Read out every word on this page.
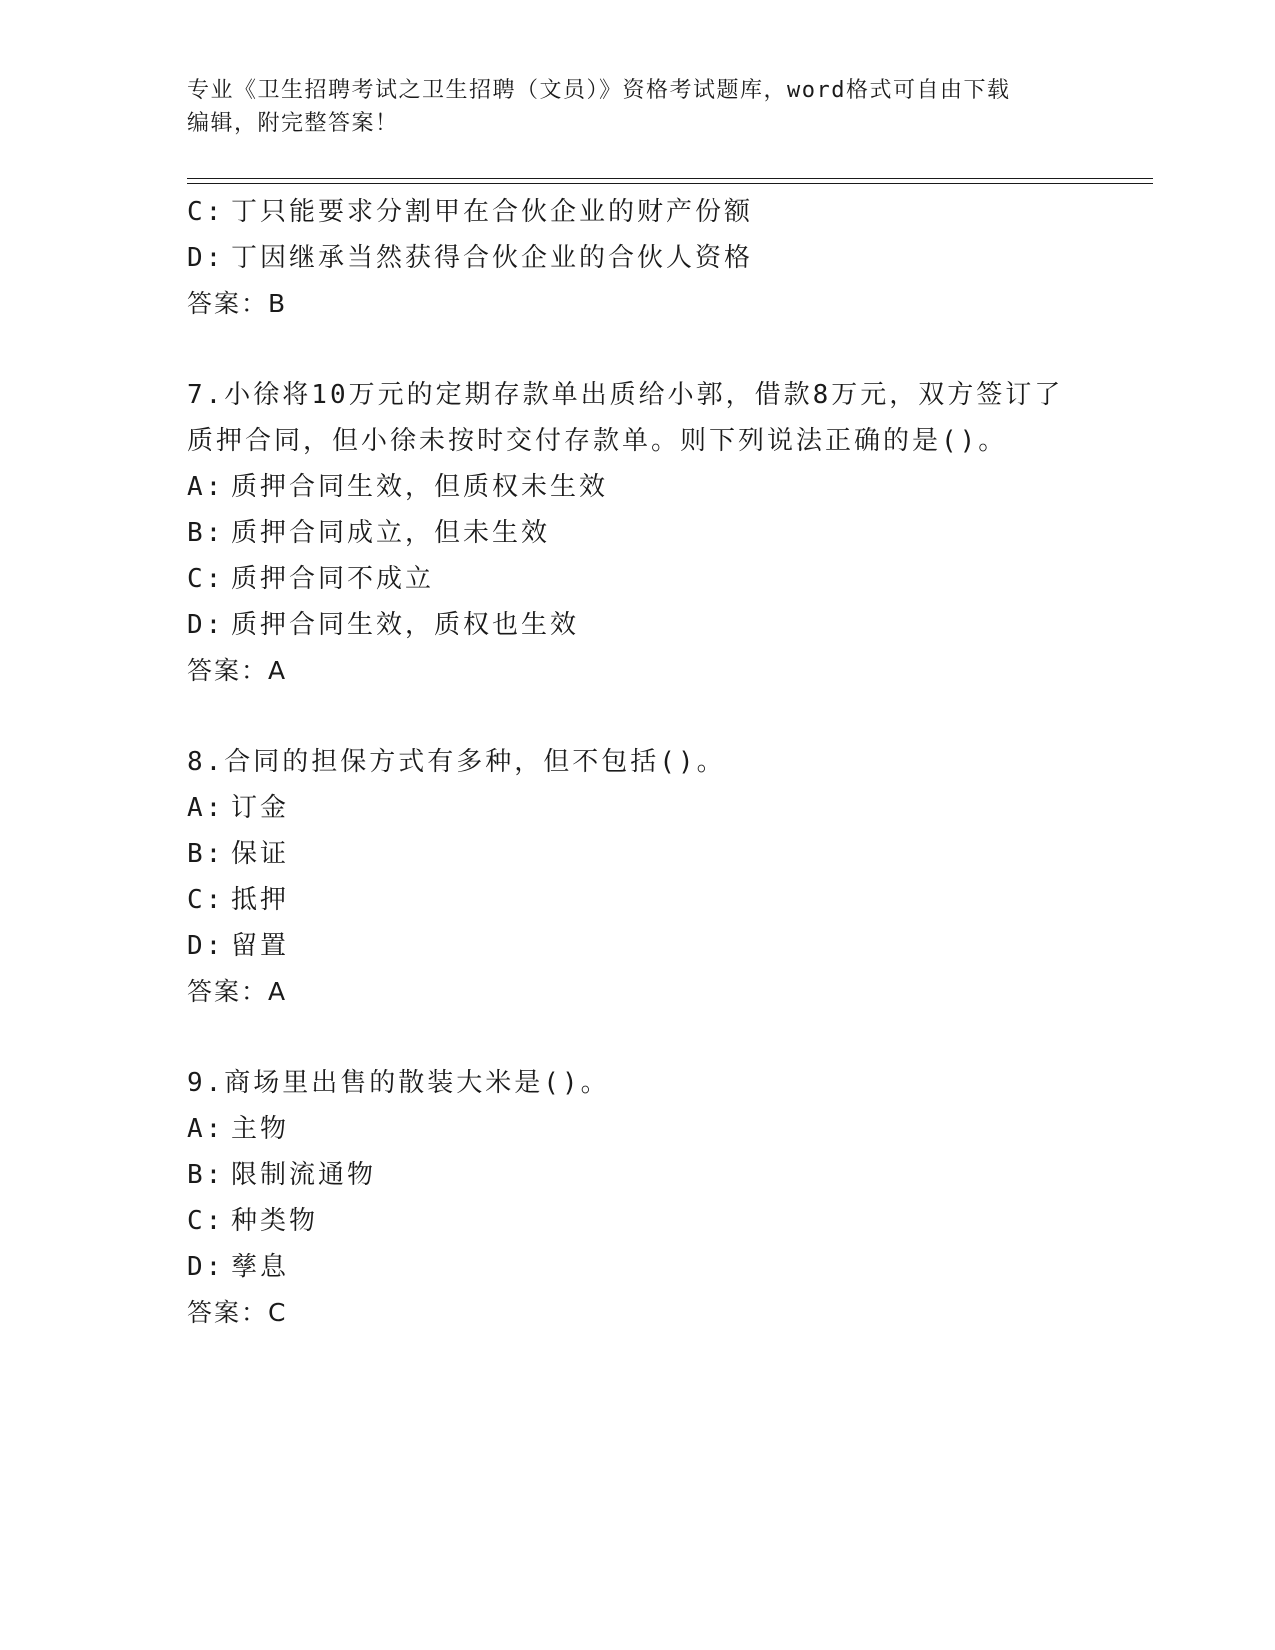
专业《卫生招聘考试之卫生招聘（文员）》资格考试题库，word格式可自由下载
编辑，附完整答案！
C: 丁只能要求分割甲在合伙企业的财产份额
D: 丁因继承当然获得合伙企业的合伙人资格
答案：B
7.小徐将10万元的定期存款单出质给小郭，借款8万元，双方签订了
质押合同，但小徐未按时交付存款单。则下列说法正确的是()。
A: 质押合同生效，但质权未生效
B: 质押合同成立，但未生效
C: 质押合同不成立
D: 质押合同生效，质权也生效
答案：A
8.合同的担保方式有多种，但不包括()。
A: 订金
B: 保证
C: 抵押
D: 留置
答案：A
9.商场里出售的散装大米是()。
A: 主物
B: 限制流通物
C: 种类物
D: 孳息
答案：C
